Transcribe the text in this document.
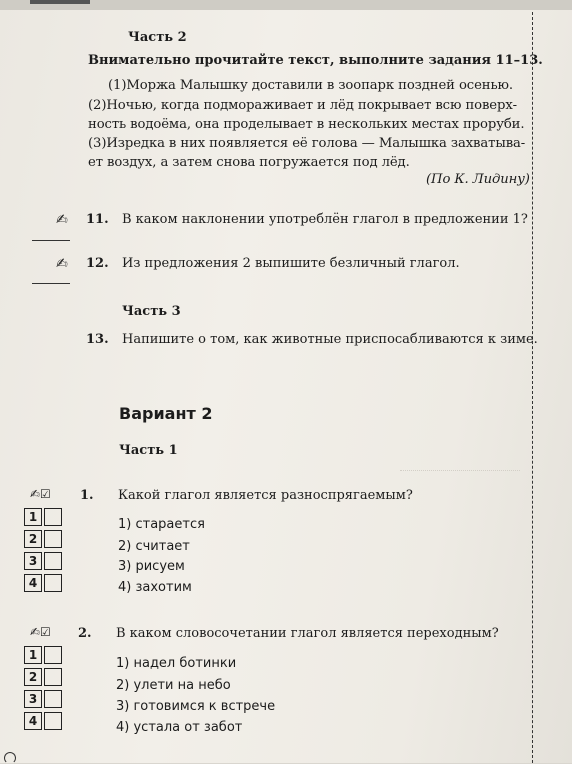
Часть 2
Внимательно прочитайте текст, выполните задания 11–13.
(1)Моржа Малышку доставили в зоопарк поздней осенью.
(2)Ночью, когда подмораживает и лёд покрывает всю поверх-
ность водоёма, она проделывает в нескольких местах проруби.
(3)Изредка в них появляется её голова — Малышка захватыва-
ет воздух, а затем снова погружается под лёд.
(По К. Лидину)
✍ 11. В каком наклонении употреблён глагол в предложении 1?
✍ 12. Из предложения 2 выпишите безличный глагол.
Часть 3
13. Напишите о том, как животные приспосабливаются к зиме.
Вариант 2
Часть 1
✍☑ 1. Какой глагол является разноспрягаемым?
1
2
3
4
1) старается
2) считает
3) рисуем
4) захотим
✍☑ 2. В каком словосочетании глагол является переходным?
1
2
3
4
1) надел ботинки
2) улети на небо
3) готовимся к встрече
4) устала от забот
